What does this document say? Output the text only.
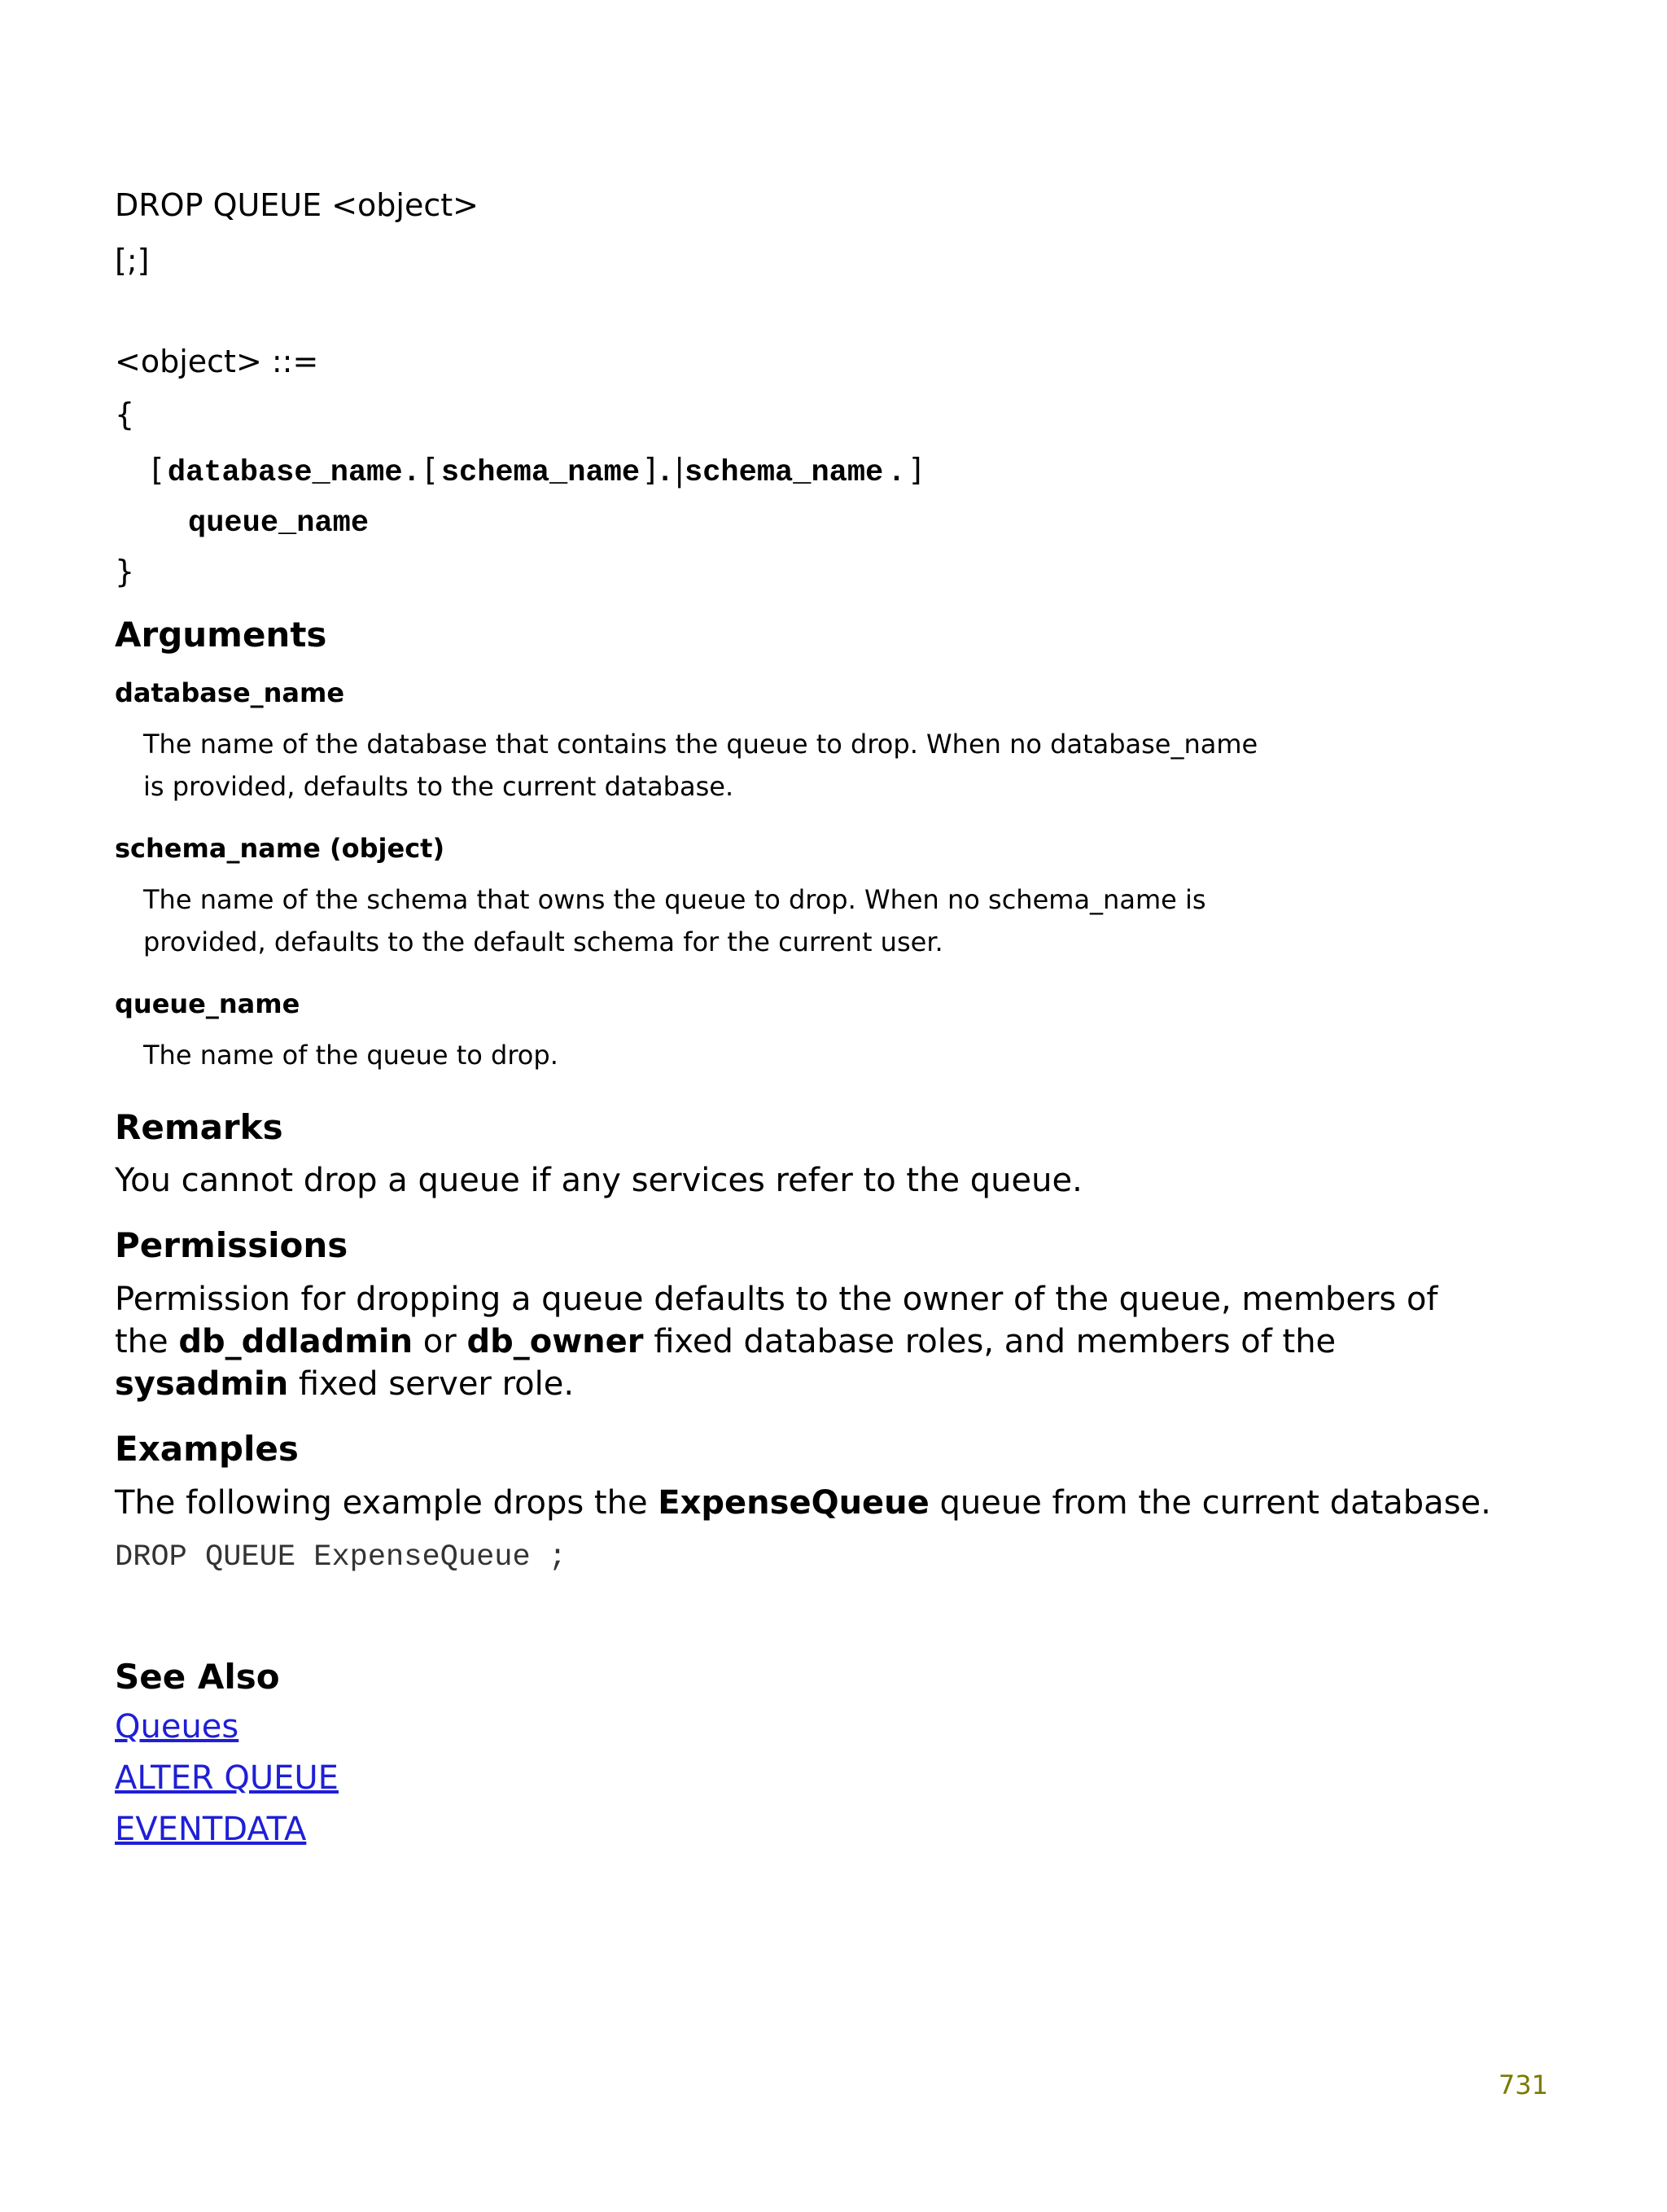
DROP QUEUE <object>
[;]
<object> ::=
{
[ database_name. [ schema_name ].|schema_name . ]
queue_name
}
Arguments
database_name
The name of the database that contains the queue to drop. When no database_name is provided, defaults to the current database.
schema_name (object)
The name of the schema that owns the queue to drop. When no schema_name is provided, defaults to the default schema for the current user.
queue_name
The name of the queue to drop.
Remarks
You cannot drop a queue if any services refer to the queue.
Permissions
Permission for dropping a queue defaults to the owner of the queue, members of the db_ddladmin or db_owner fixed database roles, and members of the sysadmin fixed server role.
Examples
The following example drops the ExpenseQueue queue from the current database.
DROP QUEUE ExpenseQueue ;
See Also
Queues
ALTER QUEUE
EVENTDATA
731
